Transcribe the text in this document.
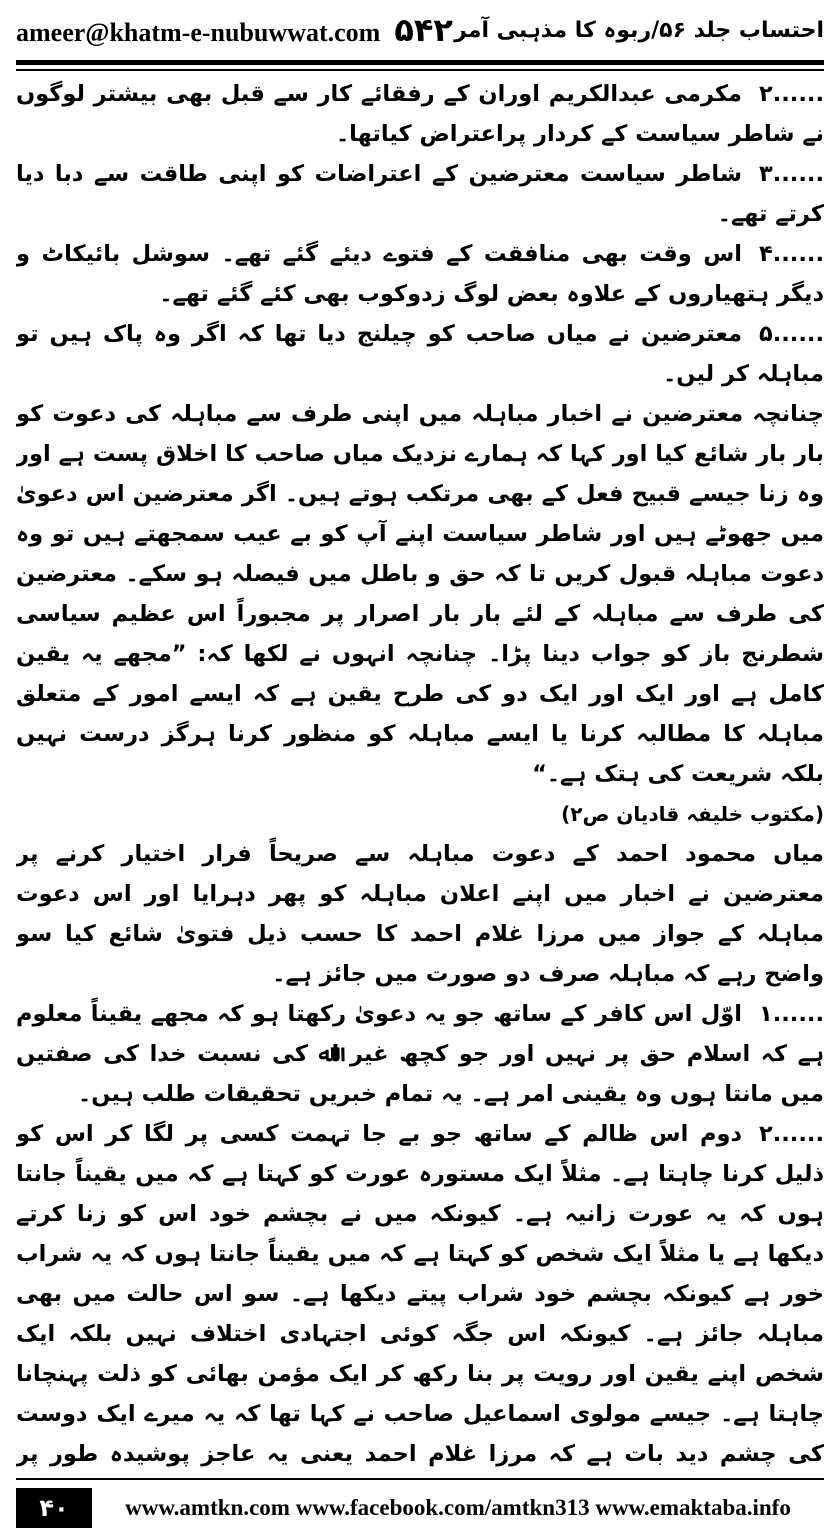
ameer@khatm-e-nubuwwat.com ۵۴۲ احتساب جلد ۵۶/ربوہ کا مذہبی آمر

۲......مکرمی عبدالکریم اوران کے رفقائے کار سے قبل بھی بیشتر لوگوں نے شاطر سیاست کے کردار پراعتراض کیاتھا۔

۳......شاطر سیاست معترضین کے اعتراضات کو اپنی طاقت سے دبا دیا کرتے تھے۔

۴......اس وقت بھی منافقت کے فتوے دیئے گئے تھے۔ سوشل بائیکاٹ و دیگر ہتھیاروں کے علاوہ بعض لوگ زدوکوب بھی کئے گئے تھے۔

۵......معترضین نے میاں صاحب کو چیلنج دیا تھا کہ اگر وہ پاک ہیں تو مباہلہ کر لیں۔

چنانچہ معترضین نے اخبار مباہلہ میں اپنی طرف سے مباہلہ کی دعوت کو بار بار شائع کیا اور کہا کہ ہمارے نزدیک میاں صاحب کا اخلاق پست ہے اور وہ زنا جیسے قبیح فعل کے بھی مرتکب ہوتے ہیں۔ اگر معترضین اس دعویٰ میں جھوٹے ہیں اور شاطر سیاست اپنے آپ کو بے عیب سمجھتے ہیں تو وہ دعوت مباہلہ قبول کریں تا کہ حق و باطل میں فیصلہ ہو سکے۔ معترضین کی طرف سے مباہلہ کے لئے بار بار اصرار پر مجبوراً اس عظیم سیاسی شطرنج باز کو جواب دینا پڑا۔ چنانچہ انہوں نے لکھا کہ: ”مجھے یہ یقین کامل ہے اور ایک اور ایک دو کی طرح یقین ہے کہ ایسے امور کے متعلق مباہلہ کا مطالبہ کرنا یا ایسے مباہلہ کو منظور کرنا ہرگز درست نہیں بلکہ شریعت کی ہتک ہے۔“

(مکتوب خلیفہ قادیان ص۲)

میاں محمود احمد کے دعوت مباہلہ سے صریحاً فرار اختیار کرنے پر معترضین نے اخبار میں اپنے اعلان مباہلہ کو پھر دہرایا اور اس دعوت مباہلہ کے جواز میں مرزا غلام احمد کا حسب ذیل فتویٰ شائع کیا سو واضح رہے کہ مباہلہ صرف دو صورت میں جائز ہے۔

۱......اوّل اس کافر کے ساتھ جو یہ دعویٰ رکھتا ہو کہ مجھے یقیناً معلوم ہے کہ اسلام حق پر نہیں اور جو کچھ غیر اﷲ کی نسبت خدا کی صفتیں میں مانتا ہوں وہ یقینی امر ہے۔ یہ تمام خبریں تحقیقات طلب ہیں۔

۲......دوم اس ظالم کے ساتھ جو بے جا تہمت کسی پر لگا کر اس کو ذلیل کرنا چاہتا ہے۔ مثلاً ایک مستورہ عورت کو کہتا ہے کہ میں یقیناً جانتا ہوں کہ یہ عورت زانیہ ہے۔ کیونکہ میں نے بچشم خود اس کو زنا کرتے دیکھا ہے یا مثلاً ایک شخص کو کہتا ہے کہ میں یقیناً جانتا ہوں کہ یہ شراب خور ہے کیونکہ بچشم خود شراب پیتے دیکھا ہے۔ سو اس حالت میں بھی مباہلہ جائز ہے۔ کیونکہ اس جگہ کوئی اجتہادی اختلاف نہیں بلکہ ایک شخص اپنے یقین اور رویت پر بنا رکھ کر ایک مؤمن بھائی کو ذلت پہنچانا چاہتا ہے۔ جیسے مولوی اسماعیل صاحب نے کہا تھا کہ یہ میرے ایک دوست کی چشم دید بات ہے کہ مرزا غلام احمد یعنی یہ عاجز پوشیدہ طور پر

۴۰	www.amtkn.com www.facebook.com/amtkn313 www.emaktaba.info
